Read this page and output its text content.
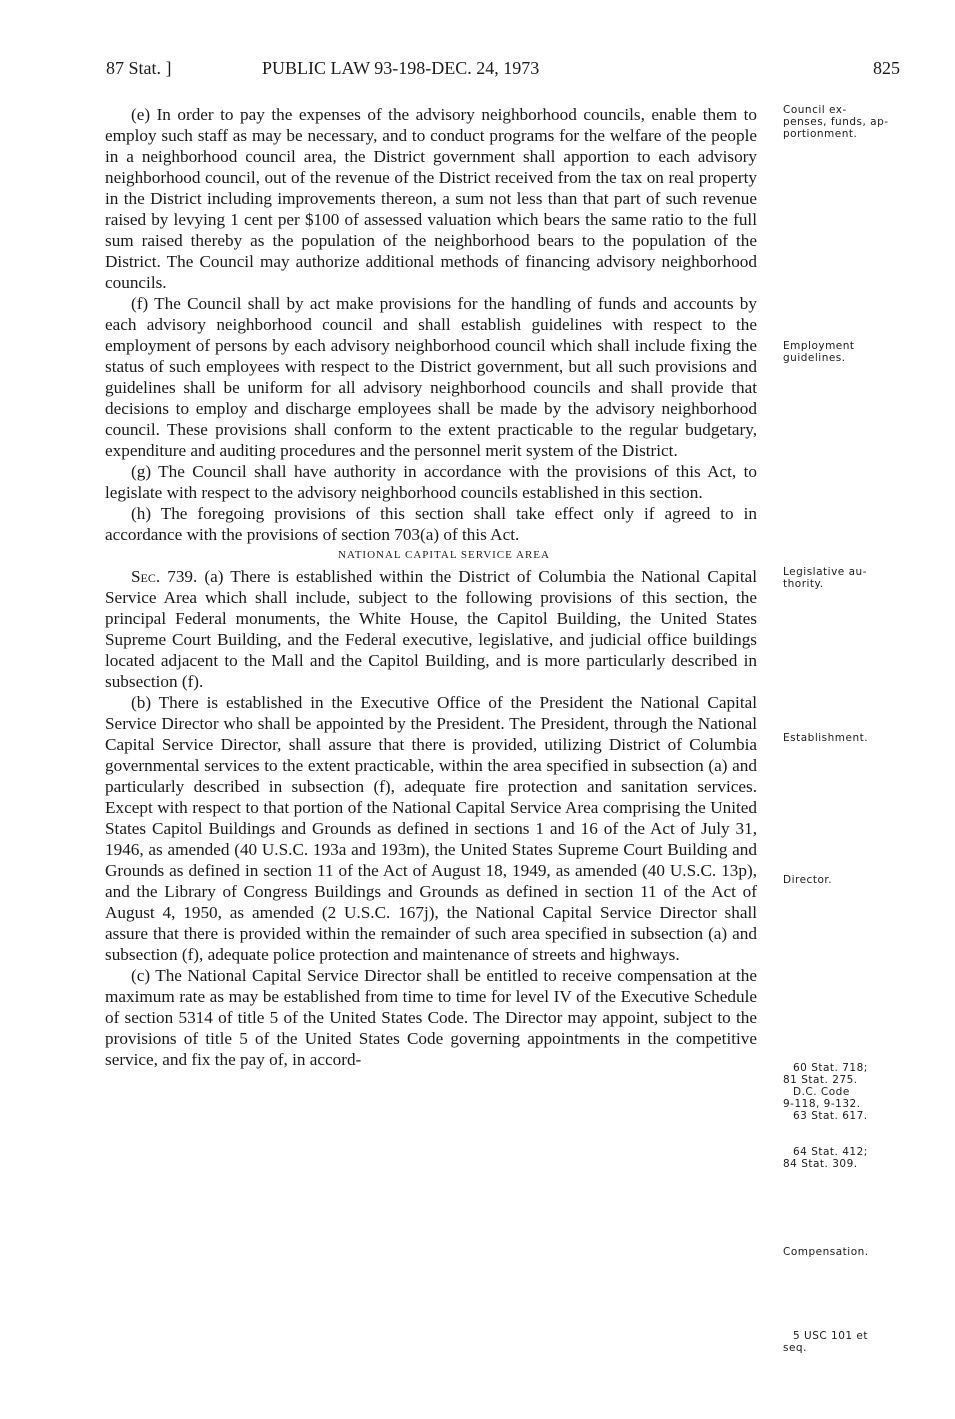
87 Stat. ]	PUBLIC LAW 93-198-DEC. 24, 1973	825

(e) In order to pay the expenses of the advisory neighborhood councils, enable them to employ such staff as may be necessary, and to conduct programs for the welfare of the people in a neighborhood council area, the District government shall apportion to each advisory neighborhood council, out of the revenue of the District received from the tax on real property in the District including improvements thereon, a sum not less than that part of such revenue raised by levying 1 cent per $100 of assessed valuation which bears the same ratio to the full sum raised thereby as the population of the neighborhood bears to the population of the District. The Council may authorize additional methods of financing advisory neighborhood councils.

(f) The Council shall by act make provisions for the handling of funds and accounts by each advisory neighborhood council and shall establish guidelines with respect to the employment of persons by each advisory neighborhood council which shall include fixing the status of such employees with respect to the District government, but all such provisions and guidelines shall be uniform for all advisory neighborhood councils and shall provide that decisions to employ and discharge employees shall be made by the advisory neighborhood council. These provisions shall conform to the extent practicable to the regular budgetary, expenditure and auditing procedures and the personnel merit system of the District.

(g) The Council shall have authority in accordance with the provisions of this Act, to legislate with respect to the advisory neighborhood councils established in this section.

(h) The foregoing provisions of this section shall take effect only if agreed to in accordance with the provisions of section 703(a) of this Act.

NATIONAL CAPITAL SERVICE AREA

Sec. 739. (a) There is established within the District of Columbia the National Capital Service Area which shall include, subject to the following provisions of this section, the principal Federal monuments, the White House, the Capitol Building, the United States Supreme Court Building, and the Federal executive, legislative, and judicial office buildings located adjacent to the Mall and the Capitol Building, and is more particularly described in subsection (f).

(b) There is established in the Executive Office of the President the National Capital Service Director who shall be appointed by the President. The President, through the National Capital Service Director, shall assure that there is provided, utilizing District of Columbia governmental services to the extent practicable, within the area specified in subsection (a) and particularly described in subsection (f), adequate fire protection and sanitation services. Except with respect to that portion of the National Capital Service Area comprising the United States Capitol Buildings and Grounds as defined in sections 1 and 16 of the Act of July 31, 1946, as amended (40 U.S.C. 193a and 193m), the United States Supreme Court Building and Grounds as defined in section 11 of the Act of August 18, 1949, as amended (40 U.S.C. 13p), and the Library of Congress Buildings and Grounds as defined in section 11 of the Act of August 4, 1950, as amended (2 U.S.C. 167j), the National Capital Service Director shall assure that there is provided within the remainder of such area specified in subsection (a) and subsection (f), adequate police protection and maintenance of streets and highways.

(c) The National Capital Service Director shall be entitled to receive compensation at the maximum rate as may be established from time to time for level IV of the Executive Schedule of section 5314 of title 5 of the United States Code. The Director may appoint, subject to the provisions of title 5 of the United States Code governing appointments in the competitive service, and fix the pay of, in accord-

Council ex-
penses, funds, ap-
portionment.
Employment
guidelines.
Legislative au-
thority.
Establishment.
Director.
60 Stat. 718;
81 Stat. 275.
D.C. Code
9-118, 9-132.
63 Stat. 617.
64 Stat. 412;
84 Stat. 309.
Compensation.
5 USC 101 et
seq.
